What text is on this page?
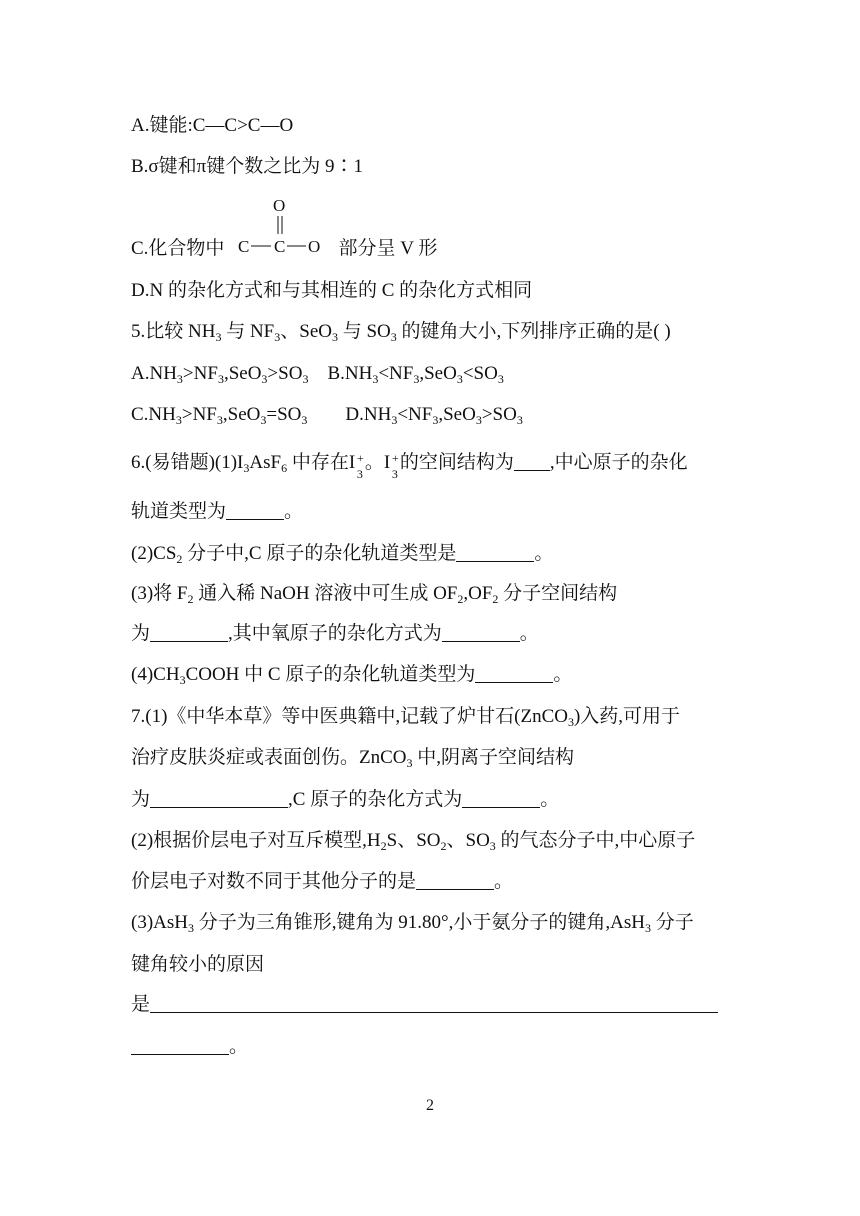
A.键能:C—C>C—O
B.σ键和π键个数之比为 9∶1
C.化合物中	部分呈 V 形
O
C C O
D.N 的杂化方式和与其相连的 C 的杂化方式相同
5.比较 $NH_3$ 与 $NF_3$、SeO$_3$ 与 $SO_3$ 的键角大小,下列排序正确的是( )
$A.NH_3>NF_3,SeO_3>SO_3$    $B.NH_3<NF_3,SeO_3<SO_3$
$C.NH_3>NF_3,SeO_3=SO_3$        $D.NH_3<NF_3,SeO_3>SO_3$
6.(易错题)$(1)I_3AsF_6$ 中存在 I +
3
。 I +
3
的空间结构为 ,中心原子的杂化
轨道类型为	。
$(2)CS_2$ 分子中,C 原子的杂化轨道类型是	。
(3)将 $F_2$ 通入稀 NaOH 溶液中可生成 $OF_2,OF_2$ 分子空间结构
为	,其中氧原子的杂化方式为	。
$(4)CH_3COOH$ 中 C 原子的杂化轨道类型为	。
7.(1)《中华本草》等中医典籍中,记载了炉甘石(ZnCO$_3$)入药,可用于
治疗皮肤炎症或表面创伤。ZnCO$_3$ 中,阴离子空间结构
为	,C 原子的杂化方式为	。
(2)根据价层电子对互斥模型$,H_2S$、$SO_2$、$SO_3$ 的气态分子中,中心原子
价层电子对数不同于其他分子的是	。
(3)AsH$_3$ 分子为三角锥形,键角为 91.80°,小于氨分子的键角,AsH$_3$ 分子
键角较小的原因
是
。
2
